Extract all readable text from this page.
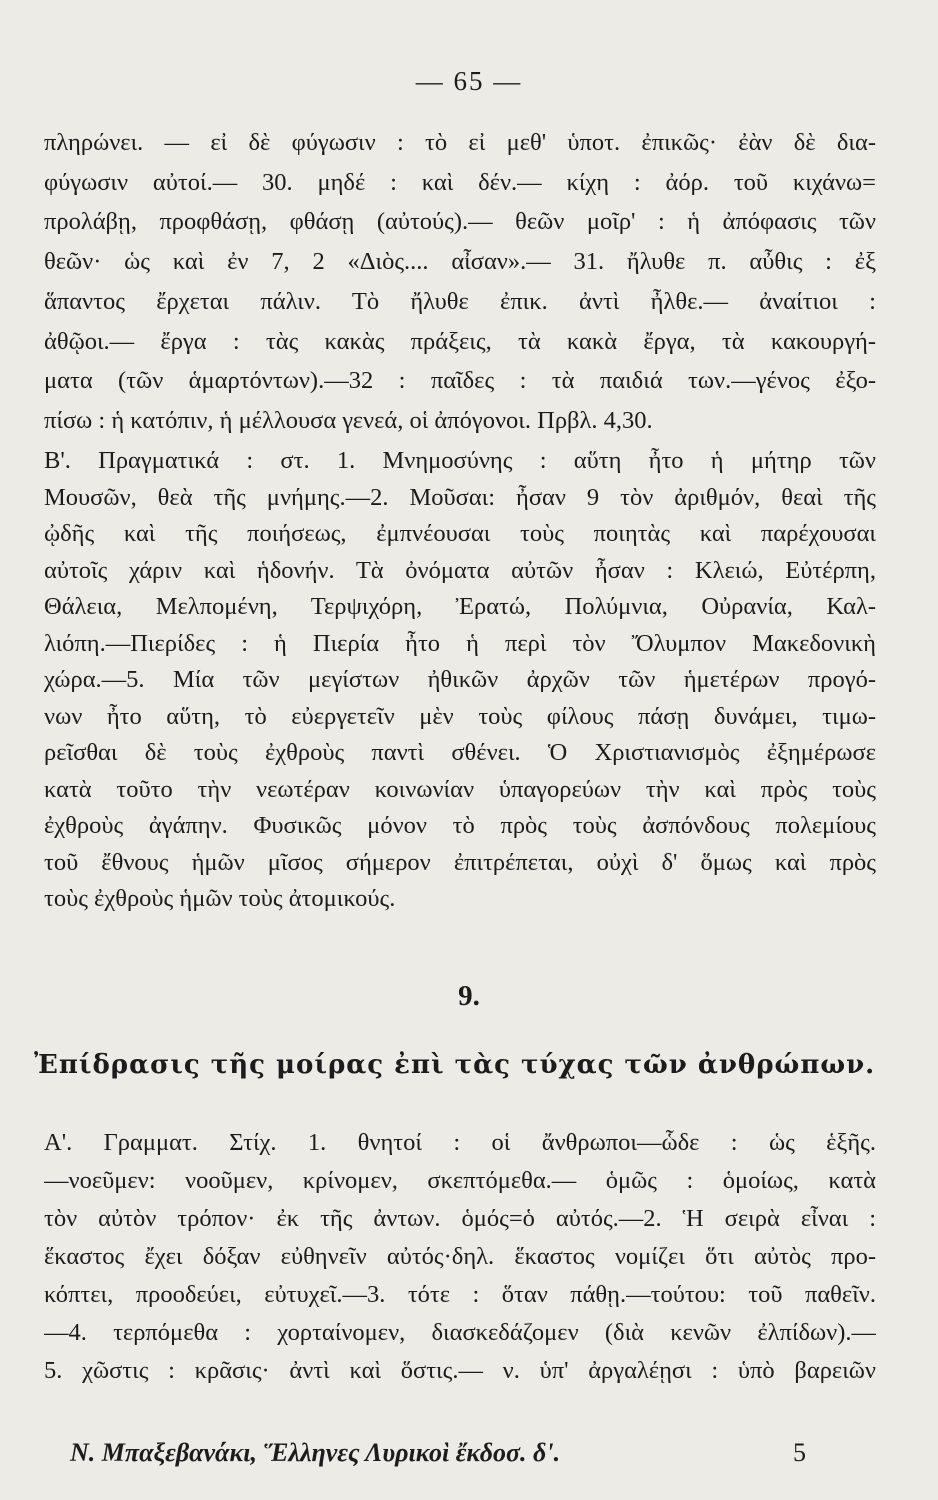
— 65 —
πληρώνει. — εἰ δὲ φύγωσιν : τὸ εἰ μεθ' ὑποτ. ἐπικῶς· ἐὰν δὲ δια-
φύγωσιν αὐτοί.— 30. μηδέ : καὶ δέν.— κίχη : ἀόρ. τοῦ κιχάνω=
προλάβῃ, προφθάσῃ, φθάσῃ (αὐτούς).— θεῶν μοῖρ' : ἡ ἀπόφασις τῶν
θεῶν· ὡς καὶ ἐν 7, 2 «Διὸς.... αἶσαν».— 31. ἤλυθε π. αὖθις : ἐξ
ἅπαντος ἔρχεται πάλιν. Τὸ ἤλυθε ἐπικ. ἀντὶ ἦλθε.— ἀναίτιοι :
ἀθῷοι.— ἔργα : τὰς κακὰς πράξεις, τὰ κακὰ ἔργα, τὰ κακουργή-
ματα (τῶν ἁμαρτόντων).—32 : παῖδες : τὰ παιδιά των.—γένος ἐξο-
πίσω : ἡ κατόπιν, ἡ μέλλουσα γενεά, οἱ ἀπόγονοι. Πρβλ. 4,30.
Β'. Πραγματικά : στ. 1. Μνημοσύνης : αὕτη ἦτο ἡ μήτηρ τῶν
Μουσῶν, θεὰ τῆς μνήμης.—2. Μοῦσαι: ἦσαν 9 τὸν ἀριθμόν, θεαὶ τῆς
ᾠδῆς καὶ τῆς ποιήσεως, ἐμπνέουσαι τοὺς ποιητὰς καὶ παρέχουσαι
αὐτοῖς χάριν καὶ ἡδονήν. Τὰ ὀνόματα αὐτῶν ἦσαν : Κλειώ, Εὐτέρπη,
Θάλεια, Μελπομένη, Τερψιχόρη, Ἐρατώ, Πολύμνια, Οὐρανία, Καλ-
λιόπη.—Πιερίδες : ἡ Πιερία ἦτο ἡ περὶ τὸν Ὄλυμπον Μακεδονικὴ
χώρα.—5. Μία τῶν μεγίστων ἠθικῶν ἀρχῶν τῶν ἡμετέρων προγό-
νων ἦτο αὕτη, τὸ εὐεργετεῖν μὲν τοὺς φίλους πάσῃ δυνάμει, τιμω-
ρεῖσθαι δὲ τοὺς ἐχθροὺς παντὶ σθένει. Ὁ Χριστιανισμὸς ἐξημέρωσε
κατὰ τοῦτο τὴν νεωτέραν κοινωνίαν ὑπαγορεύων τὴν καὶ πρὸς τοὺς
ἐχθροὺς ἀγάπην. Φυσικῶς μόνον τὸ πρὸς τοὺς ἀσπόνδους πολεμίους
τοῦ ἔθνους ἡμῶν μῖσος σήμερον ἐπιτρέπεται, οὐχὶ δ' ὅμως καὶ πρὸς
τοὺς ἐχθροὺς ἡμῶν τοὺς ἀτομικούς.
9.
Ἐπίδρασις τῆς μοίρας ἐπὶ τὰς τύχας τῶν ἀνθρώπων.
Α'. Γραμματ. Στίχ. 1. θνητοί : οἱ ἄνθρωποι—ὧδε : ὡς ἑξῆς.
—νοεῦμεν: νοοῦμεν, κρίνομεν, σκεπτόμεθα.— ὁμῶς : ὁμοίως, κατὰ
τὸν αὐτὸν τρόπον· ἐκ τῆς ἀντων. ὁμός=ὁ αὐτός.—2. Ἡ σειρὰ εἶναι :
ἕκαστος ἔχει δόξαν εὐθηνεῖν αὐτός·δηλ. ἕκαστος νομίζει ὅτι αὐτὸς προ-
κόπτει, προοδεύει, εὐτυχεῖ.—3. τότε : ὅταν πάθῃ.—τούτου: τοῦ παθεῖν.
—4. τερπόμεθα : χορταίνομεν, διασκεδάζομεν (διὰ κενῶν ἐλπίδων).—
5. χῶστις : κρᾶσις· ἀντὶ καὶ ὅστις.— ν. ὑπ' ἀργαλέῃσι : ὑπὸ βαρειῶν
Ν. Μπαξεβανάκι, Ἕλληνες Λυρικοὶ ἔκδοσ. δ'.	5
